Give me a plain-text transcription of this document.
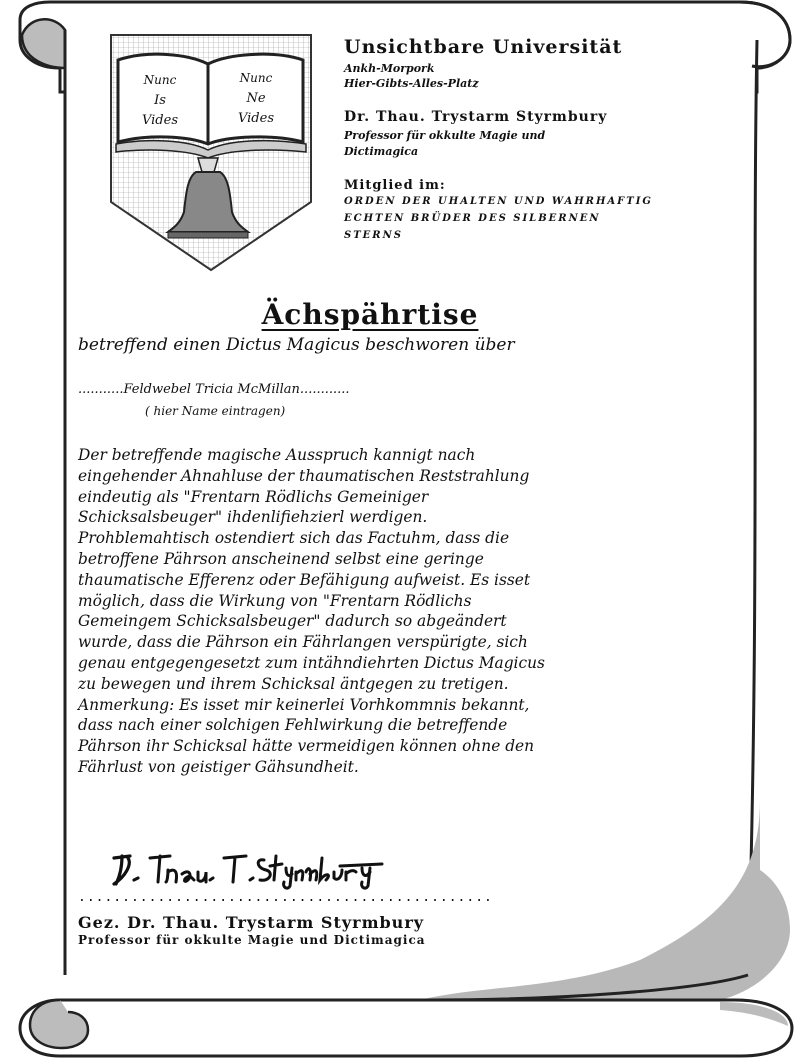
Nunc
Is
Vides
Nunc
Ne
Vides
Unsichtbare Universität
Ankh-Morpork
Hier-Gibts-Alles-Platz
Dr. Thau. Trystarm Styrmbury
Professor für okkulte Magie und
Dictimagica
Mitglied im:
ORDEN DER UHALTEN UND WAHRHAFTIG
ECHTEN BRÜDER DES SILBERNEN
STERNS
Ächspährtise
betreffend einen Dictus Magicus beschworen über
...........Feldwebel Tricia McMillan............
( hier Name eintragen)
Der betreffende magische Ausspruch kannigt nach
eingehender Ahnahluse der thaumatischen Reststrahlung
eindeutig als "Frentarn Rödlichs Gemeiniger
Schicksalsbeuger" ihdenlifiehzierl werdigen.
Prohblemahtisch ostendiert sich das Factuhm, dass die
betroffene Pährson anscheinend selbst eine geringe
thaumatische Efferenz oder Befähigung aufweist. Es isset
möglich, dass die Wirkung von "Frentarn Rödlichs
Gemeingem Schicksalsbeuger" dadurch so abgeändert
wurde, dass die Pährson ein Fährlangen verspürigte, sich
genau entgegengesetzt zum intähndiehrten Dictus Magicus
zu bewegen und ihrem Schicksal äntgegen zu tretigen.
Anmerkung: Es isset mir keinerlei Vorhkommnis bekannt,
dass nach einer solchigen Fehlwirkung die betreffende
Pährson ihr Schicksal hätte vermeidigen können ohne den
Fährlust von geistiger Gähsundheit.
...............................................
Gez. Dr. Thau. Trystarm Styrmbury
Professor für okkulte Magie und Dictimagica
